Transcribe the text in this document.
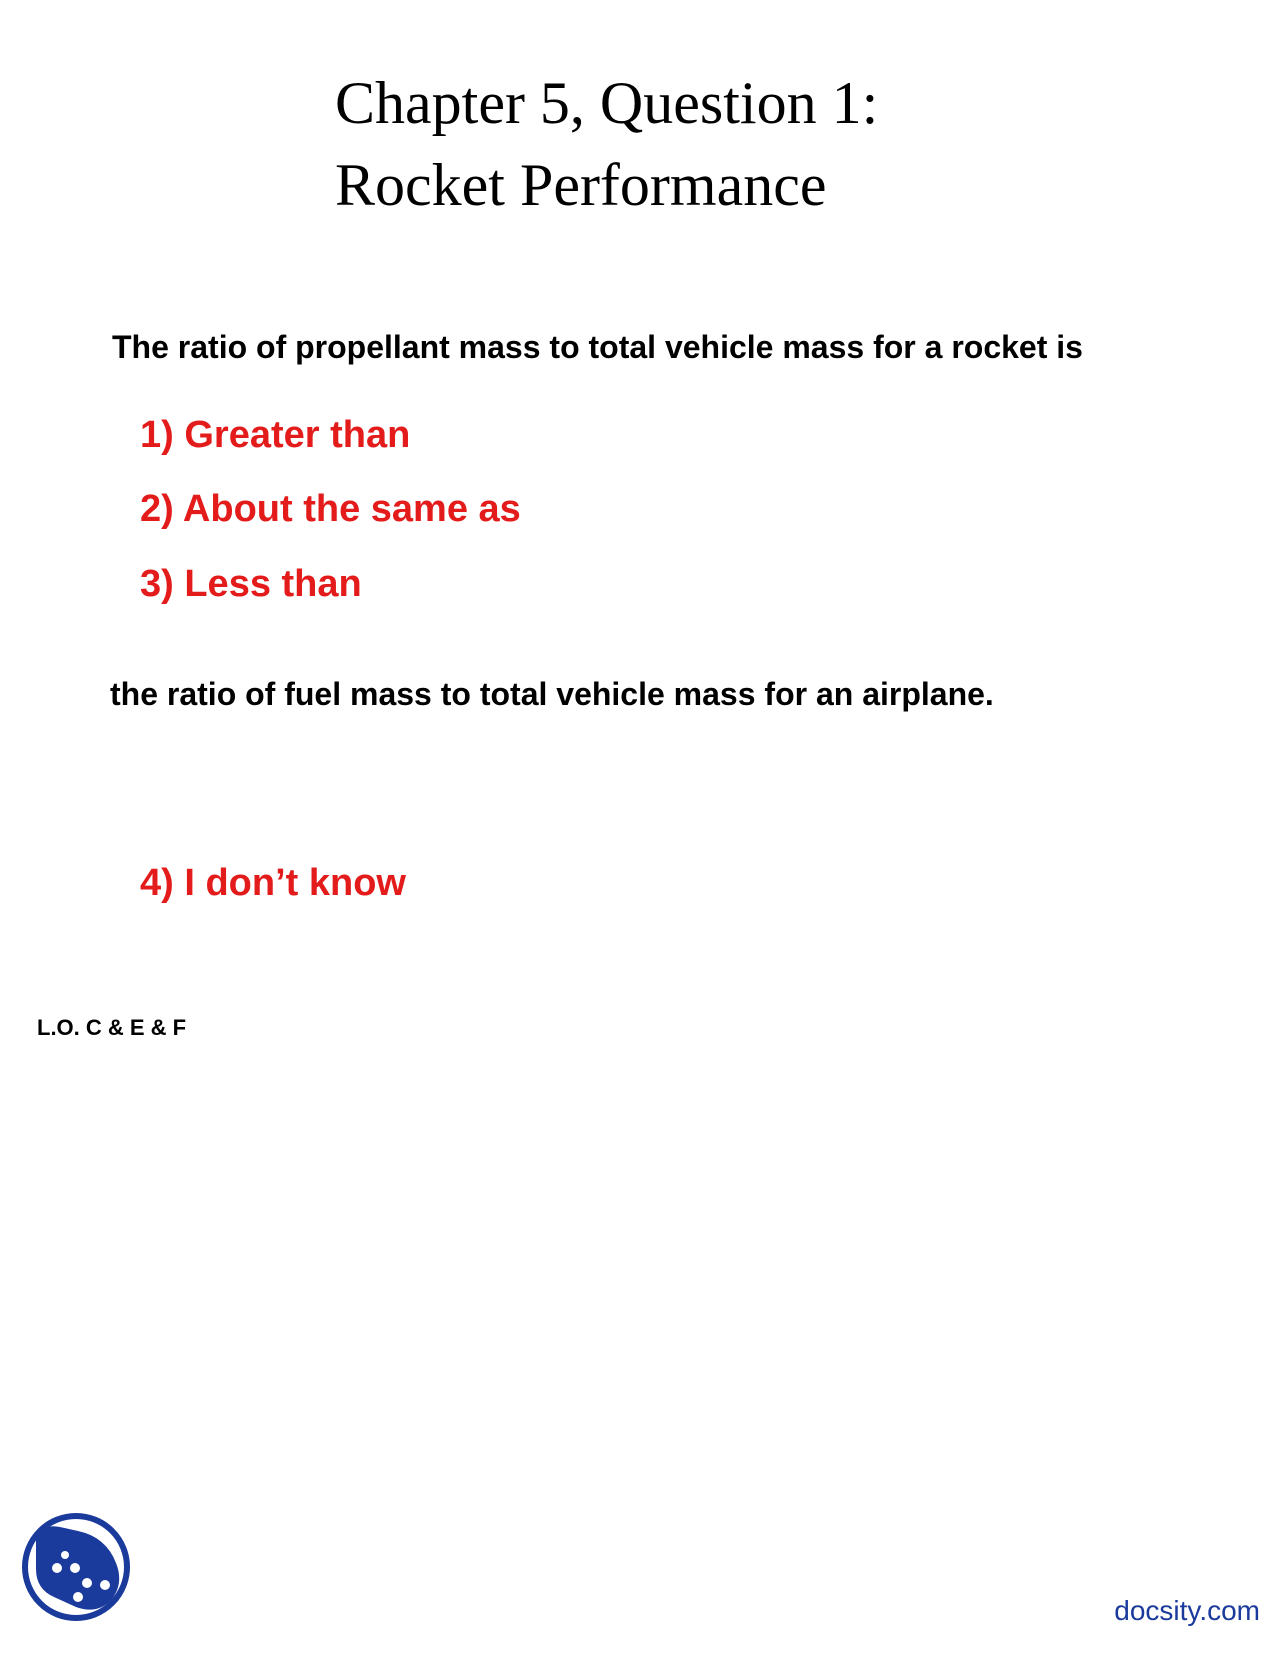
Chapter 5, Question 1:
Rocket Performance
The ratio of propellant mass to total vehicle mass for a rocket is
1) Greater than
2) About the same as
3) Less than
the ratio of fuel mass to total vehicle mass for an airplane.
4) I don’t know
L.O. C & E & F
docsity.com
